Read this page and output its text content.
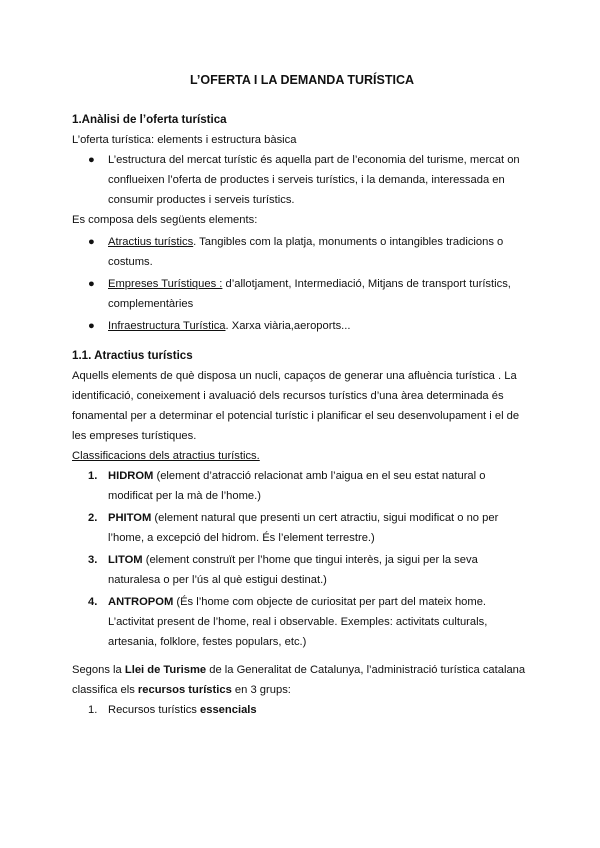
L’OFERTA I LA DEMANDA TURÍSTICA

1.Anàlisi de l’oferta turística

L’oferta turística: elements i estructura bàsica

● L’estructura del mercat turístic és aquella part de l’economia del turisme, mercat on conflueixen l’oferta de productes i serveis turístics, i la demanda, interessada en consumir productes i serveis turístics.

Es composa dels següents elements:

● Atractius turístics. Tangibles com la platja, monuments o intangibles tradicions o costums.
● Empreses Turístiques : d’allotjament, Intermediació, Mitjans de transport turístics, complementàries
● Infraestructura Turística. Xarxa viària,aeroports...

1.1. Atractius turístics

Aquells elements de què disposa un nucli, capaços de generar una afluència turística . La identificació, coneixement i avaluació dels recursos turístics d’una àrea determinada és fonamental per a determinar el potencial turístic i planificar el seu desenvolupament i el de les empreses turístiques.

Classificacions dels atractius turístics.

1. HIDROM (element d’atracció relacionat amb l’aigua en el seu estat natural o modificat per la mà de l’home.)
2. PHITOM (element natural que presenti un cert atractiu, sigui modificat o no per l’home, a excepció del hidrom. És l’element terrestre.)
3. LITOM (element construït per l’home que tingui interès, ja sigui per la seva naturalesa o per l’ús al què estigui destinat.)
4. ANTROPOM (És l’home com objecte de curiositat per part del mateix home. L’activitat present de l’home, real i observable. Exemples: activitats culturals, artesania, folklore, festes populars, etc.)

Segons la Llei de Turisme de la Generalitat de Catalunya, l’administració turística catalana classifica els recursos turístics en 3 grups:

1. Recursos turístics essencials
